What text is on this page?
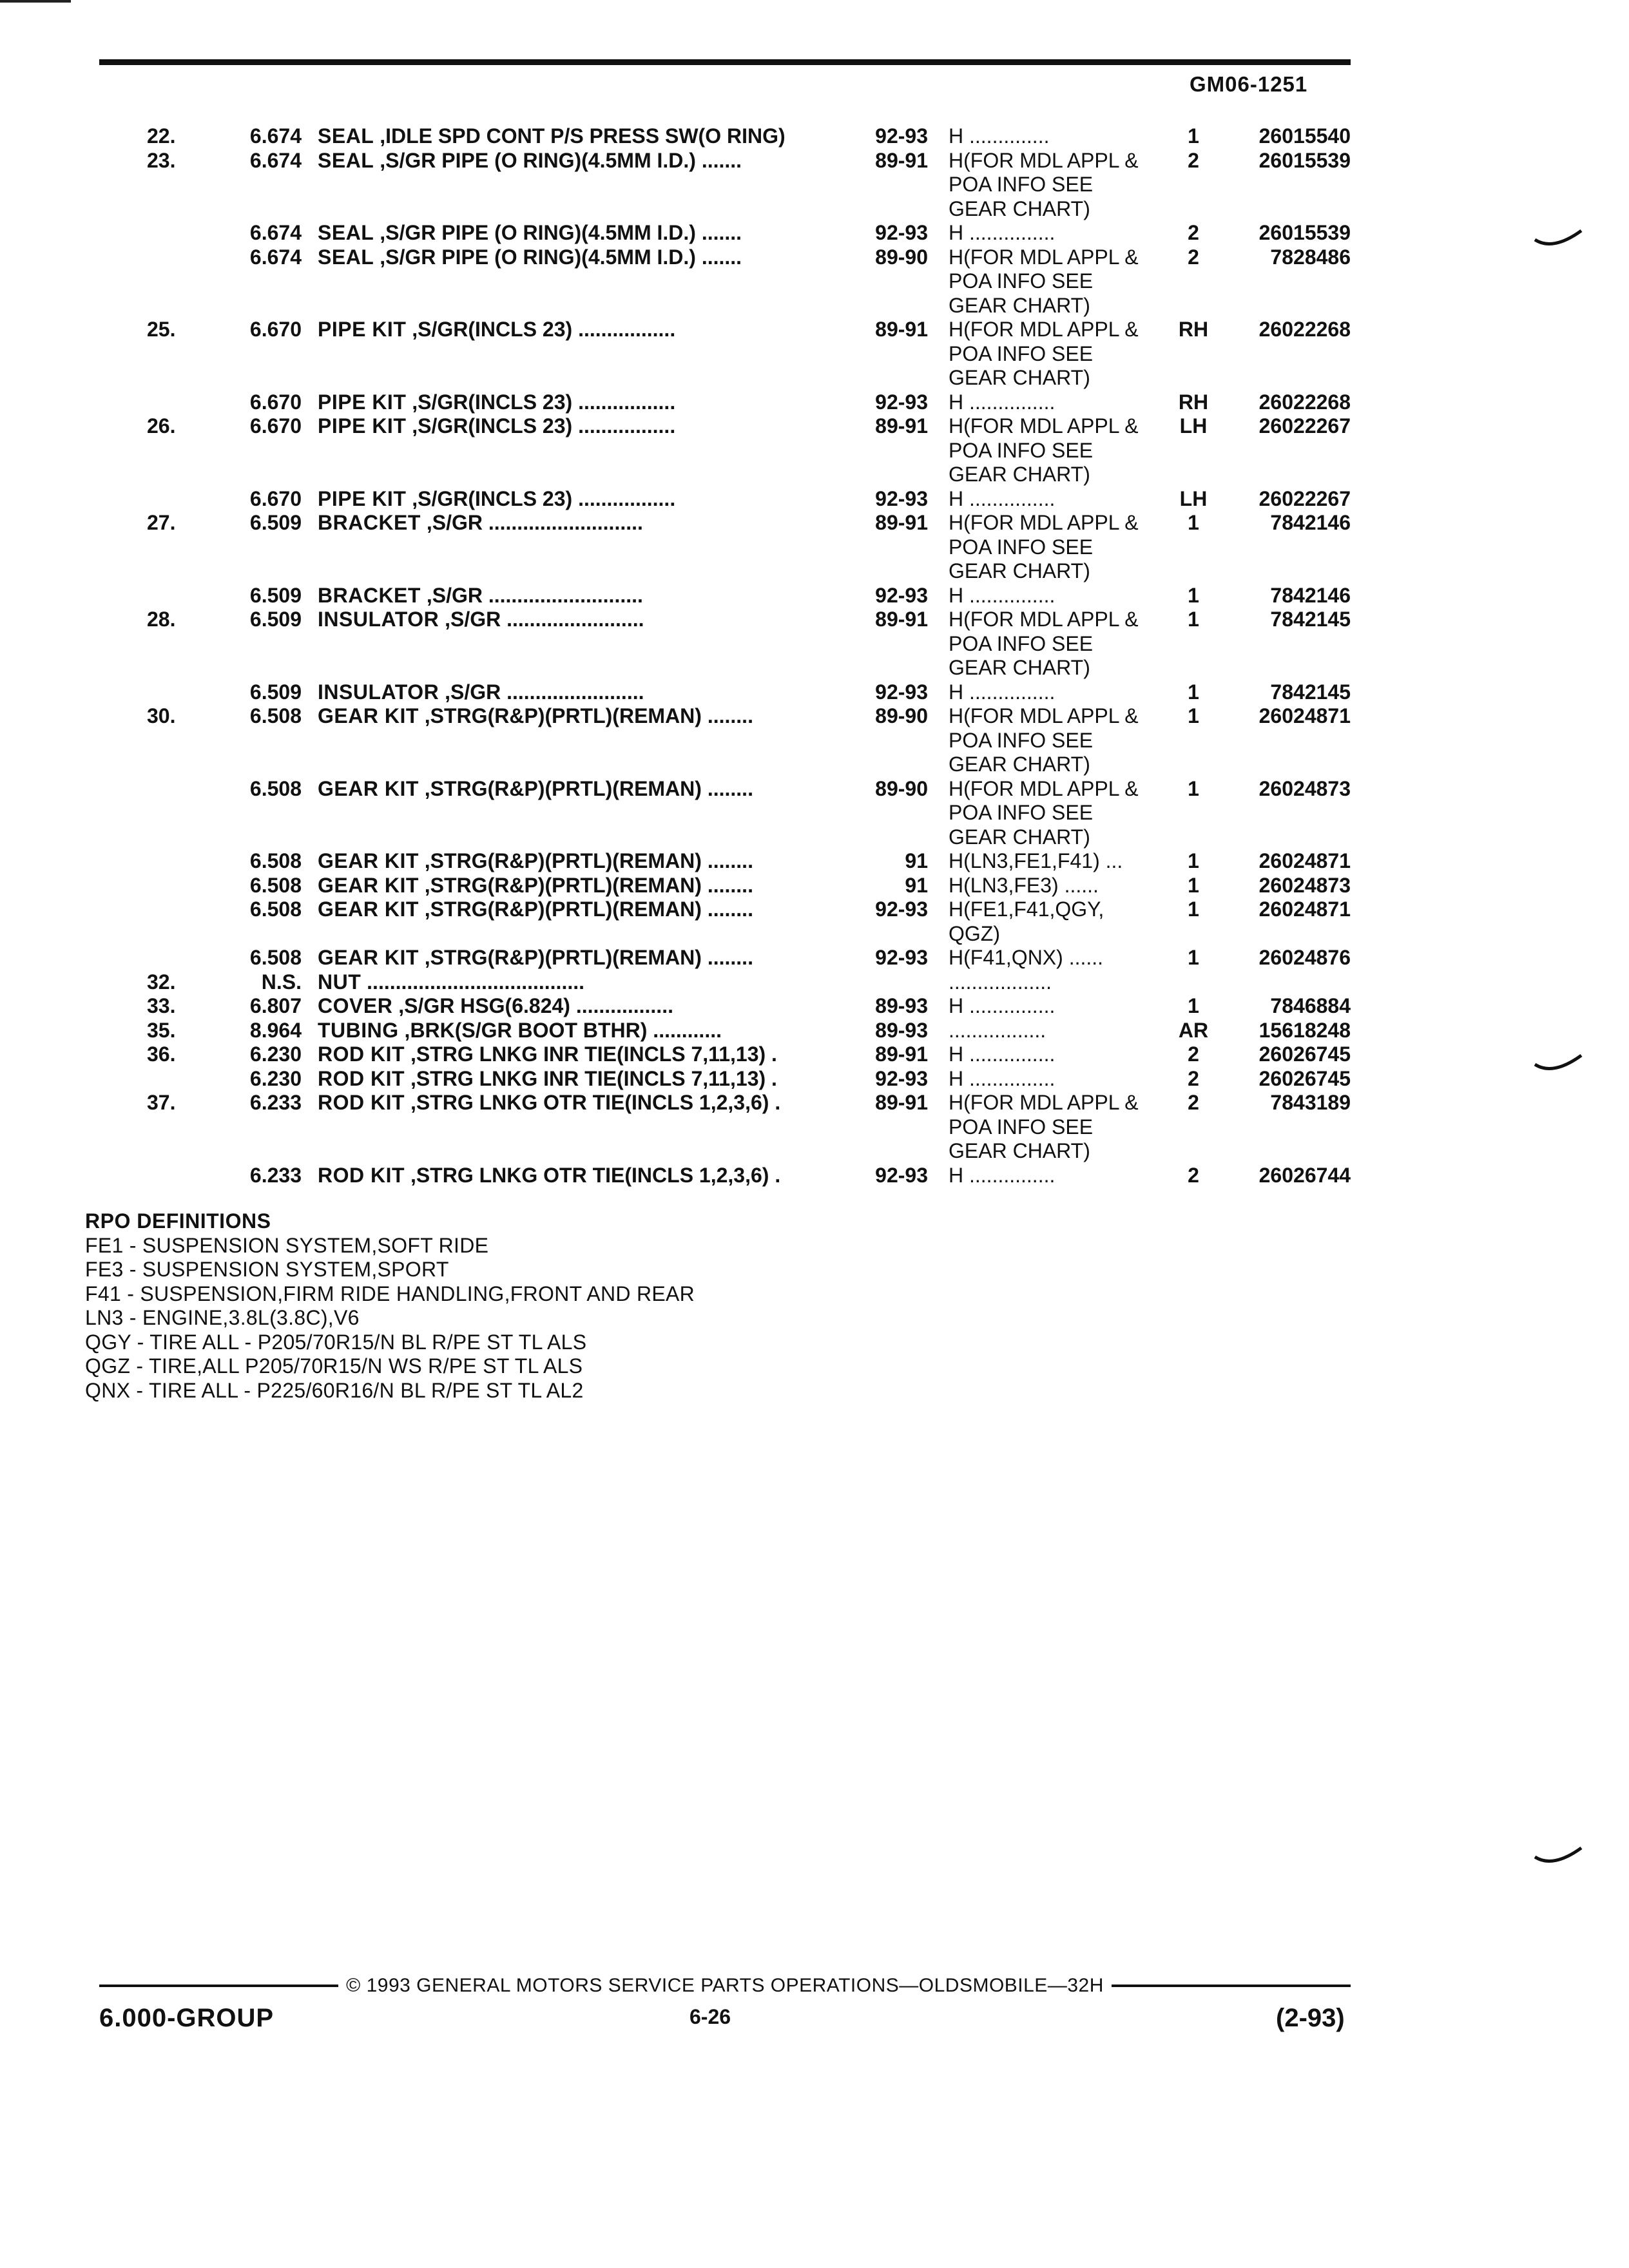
GM06-1251
22.	6.674 SEAL ,IDLE SPD CONT P/S PRESS SW(O RING)	92-93 H ..............	1	26015540
23.	6.674 SEAL ,S/GR PIPE (O RING)(4.5MM I.D.) .......	89-91 H(FOR MDL APPL &	2	26015539
POA INFO SEE
GEAR CHART)
6.674 SEAL ,S/GR PIPE (O RING)(4.5MM I.D.) .......	92-93 H ...............	2	26015539
6.674 SEAL ,S/GR PIPE (O RING)(4.5MM I.D.) .......	89-90 H(FOR MDL APPL &	2	7828486
POA INFO SEE
GEAR CHART)
25.	6.670 PIPE KIT ,S/GR(INCLS 23) .................	89-91 H(FOR MDL APPL &	RH	26022268
POA INFO SEE
GEAR CHART)
6.670 PIPE KIT ,S/GR(INCLS 23) .................	92-93 H ...............	RH	26022268
26.	6.670 PIPE KIT ,S/GR(INCLS 23) .................	89-91 H(FOR MDL APPL &	LH	26022267
POA INFO SEE
GEAR CHART)
6.670 PIPE KIT ,S/GR(INCLS 23) .................	92-93 H ...............	LH	26022267
27.	6.509 BRACKET ,S/GR ...........................	89-91 H(FOR MDL APPL &	1	7842146
POA INFO SEE
GEAR CHART)
6.509 BRACKET ,S/GR ...........................	92-93 H ...............	1	7842146
28.	6.509 INSULATOR ,S/GR ........................	89-91 H(FOR MDL APPL &	1	7842145
POA INFO SEE
GEAR CHART)
6.509 INSULATOR ,S/GR ........................	92-93 H ...............	1	7842145
30.	6.508 GEAR KIT ,STRG(R&P)(PRTL)(REMAN) ........	89-90 H(FOR MDL APPL &	1	26024871
POA INFO SEE
GEAR CHART)
6.508 GEAR KIT ,STRG(R&P)(PRTL)(REMAN) ........	89-90 H(FOR MDL APPL &	1	26024873
POA INFO SEE
GEAR CHART)
6.508 GEAR KIT ,STRG(R&P)(PRTL)(REMAN) ........	91 H(LN3,FE1,F41) ...	1	26024871
6.508 GEAR KIT ,STRG(R&P)(PRTL)(REMAN) ........	91 H(LN3,FE3) ......	1	26024873
6.508 GEAR KIT ,STRG(R&P)(PRTL)(REMAN) ........	92-93 H(FE1,F41,QGY,	1	26024871
QGZ)
6.508 GEAR KIT ,STRG(R&P)(PRTL)(REMAN) ........	92-93 H(F41,QNX) ......	1	26024876
32.	N.S. NUT ......................................	..................
33.	6.807 COVER ,S/GR HSG(6.824) .................	89-93 H ...............	1	7846884
35.	8.964 TUBING ,BRK(S/GR BOOT BTHR) ............	89-93 .................	AR	15618248
36.	6.230 ROD KIT ,STRG LNKG INR TIE(INCLS 7,11,13) .	89-91 H ...............	2	26026745
6.230 ROD KIT ,STRG LNKG INR TIE(INCLS 7,11,13) .	92-93 H ...............	2	26026745
37.	6.233 ROD KIT ,STRG LNKG OTR TIE(INCLS 1,2,3,6) .	89-91 H(FOR MDL APPL &	2	7843189
POA INFO SEE
GEAR CHART)
6.233 ROD KIT ,STRG LNKG OTR TIE(INCLS 1,2,3,6) .	92-93 H ...............	2	26026744
RPO DEFINITIONS
FE1 - SUSPENSION SYSTEM,SOFT RIDE
FE3 - SUSPENSION SYSTEM,SPORT
F41 - SUSPENSION,FIRM RIDE HANDLING,FRONT AND REAR
LN3 - ENGINE,3.8L(3.8C),V6
QGY - TIRE ALL - P205/70R15/N BL R/PE ST TL ALS
QGZ - TIRE,ALL P205/70R15/N WS R/PE ST TL ALS
QNX - TIRE ALL - P225/60R16/N BL R/PE ST TL AL2
© 1993 GENERAL MOTORS SERVICE PARTS OPERATIONS—OLDSMOBILE—32H
6.000-GROUP	6-26	(2-93)
